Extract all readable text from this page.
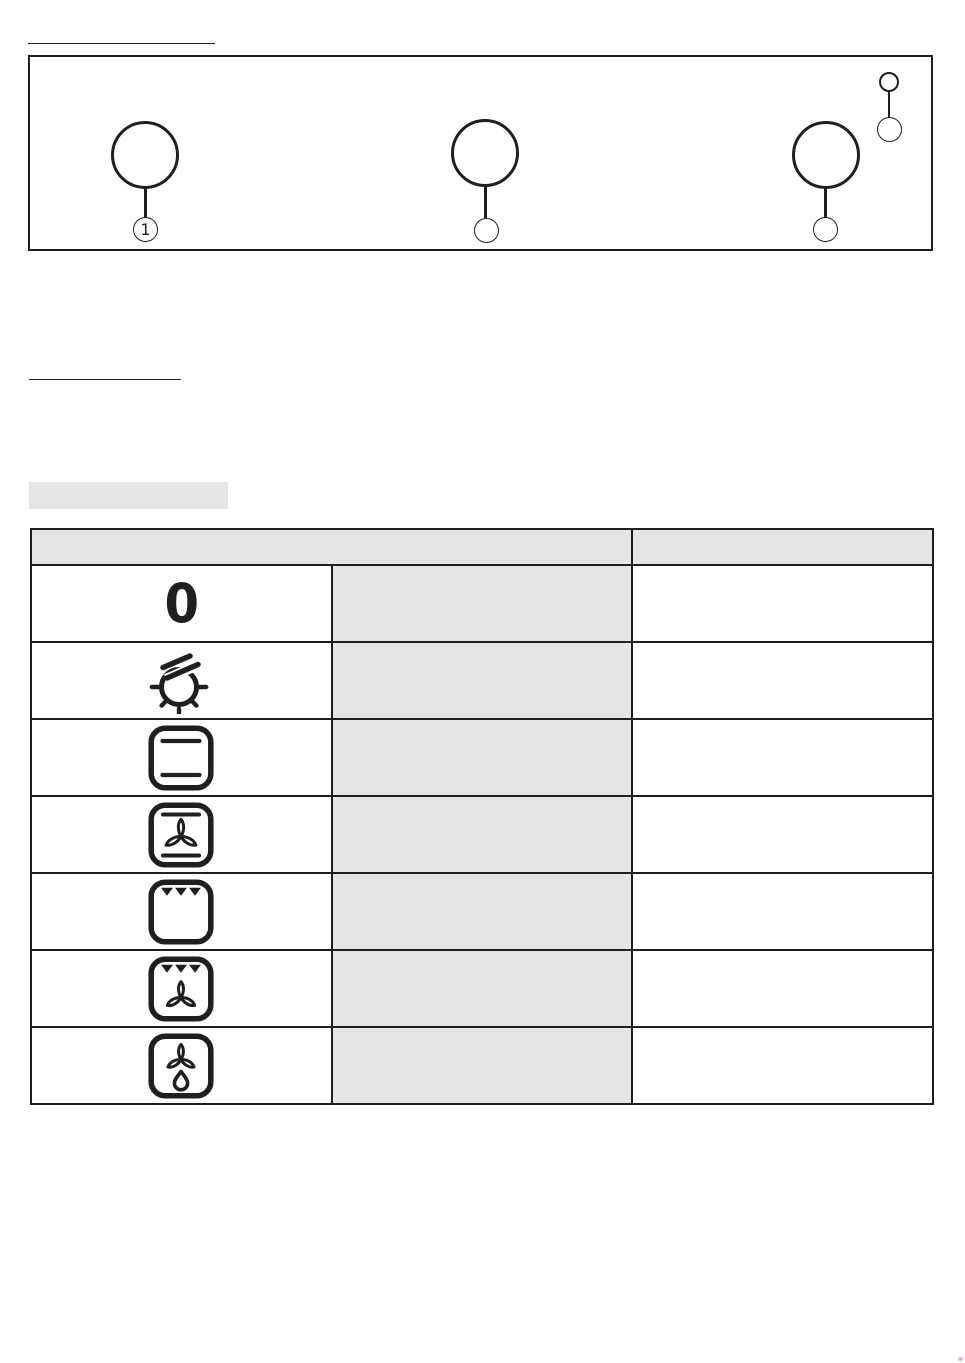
1

0		
